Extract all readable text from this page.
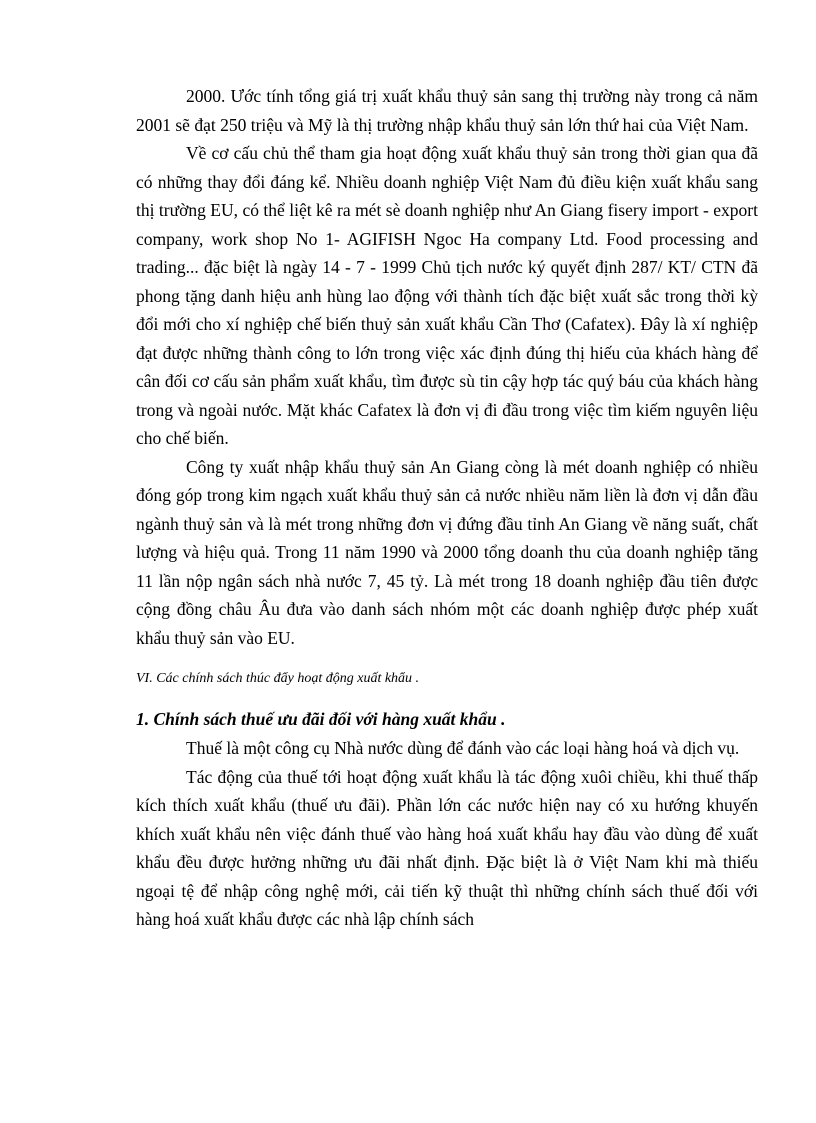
2000. Ước tính tổng giá trị xuất khẩu thuỷ sản sang thị trường này trong cả năm 2001 sẽ đạt 250 triệu và Mỹ là thị trường nhập khẩu thuỷ sản lớn thứ hai của Việt Nam.

Về cơ cấu chủ thể tham gia hoạt động xuất khẩu thuỷ sản trong thời gian qua đã có những thay đổi đáng kể. Nhiều doanh nghiệp Việt Nam đủ điều kiện xuất khẩu sang thị trường EU, có thể liệt kê ra mét sè doanh nghiệp như An Giang fisery import - export company, work shop No 1- AGIFISH Ngoc Ha company Ltd. Food processing and trading... đặc biệt là ngày 14 - 7 - 1999 Chủ tịch nước ký quyết định 287/ KT/ CTN đã phong tặng danh hiệu anh hùng lao động với thành tích đặc biệt xuất sắc trong thời kỳ đổi mới cho xí nghiệp chế biến thuỷ sản xuất khẩu Cần Thơ (Cafatex). Đây là xí nghiệp đạt được những thành công to lớn trong việc xác định đúng thị hiếu của khách hàng để cân đối cơ cấu sản phẩm xuất khẩu, tìm được sù tin cậy hợp tác quý báu của khách hàng trong và ngoài nước. Mặt khác Cafatex là đơn vị đi đầu trong việc tìm kiếm nguyên liệu cho chế biến.

Công ty xuất nhập khẩu thuỷ sản An Giang còng là mét doanh nghiệp có nhiều đóng góp trong kim ngạch xuất khẩu thuỷ sản cả nước nhiều năm liền là đơn vị dẫn đầu ngành thuỷ sản và là mét trong những đơn vị đứng đầu tỉnh An Giang về năng suất, chất lượng và hiệu quả. Trong 11 năm 1990 và 2000 tổng doanh thu của doanh nghiệp tăng 11 lần nộp ngân sách nhà nước 7, 45 tỷ. Là mét trong 18 doanh nghiệp đầu tiên được cộng đồng châu Âu đưa vào danh sách nhóm một các doanh nghiệp được phép xuất khẩu thuỷ sản vào EU.

VI. Các chính sách thúc đẩy hoạt động xuất khẩu .

1. Chính sách thuế ưu đãi đối với hàng xuất khẩu .

Thuế là một công cụ Nhà nước dùng để đánh vào các loại hàng hoá và dịch vụ.

Tác động của thuế tới hoạt động xuất khẩu là tác động xuôi chiều, khi thuế thấp kích thích xuất khẩu (thuế ưu đãi). Phần lớn các nước hiện nay có xu hướng khuyến khích xuất khẩu nên việc đánh thuế vào hàng hoá xuất khẩu hay đầu vào dùng để xuất khẩu đều được hưởng những ưu đãi nhất định. Đặc biệt là ở Việt Nam khi mà thiếu ngoại tệ để nhập công nghệ mới, cải tiến kỹ thuật thì những chính sách thuế đối với hàng hoá xuất khẩu được các nhà lập chính sách
